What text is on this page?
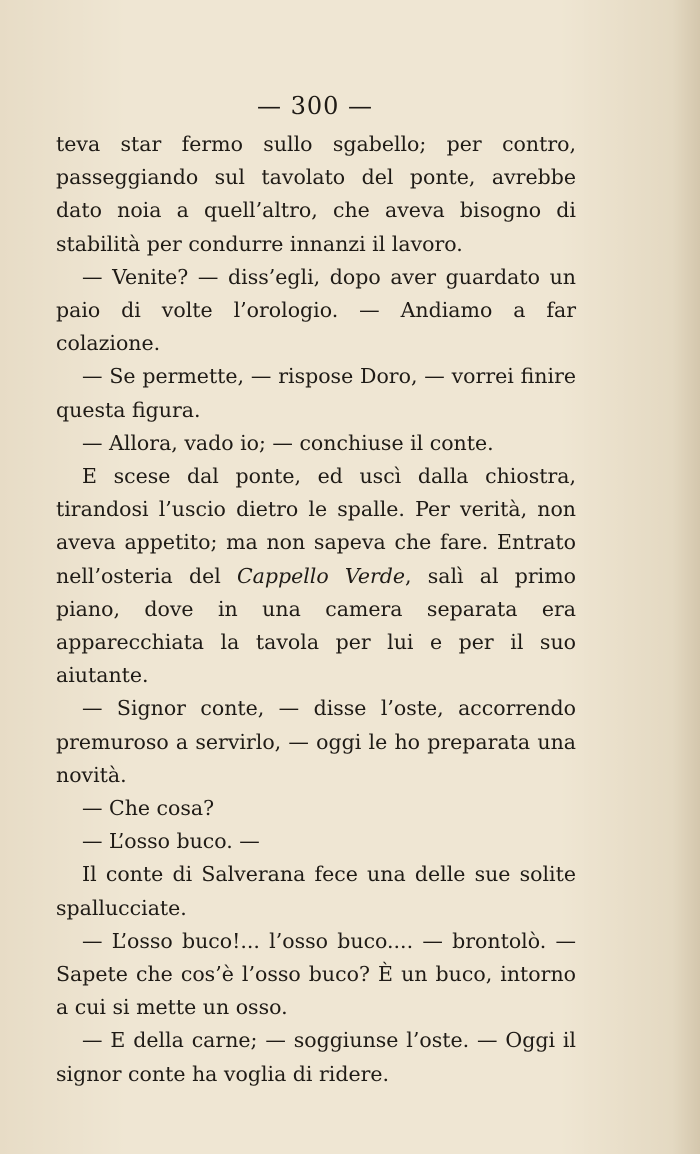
— 300 —

teva star fermo sullo sgabello; per contro, passeggiando sul tavolato del ponte, avrebbe dato noia a quell’altro, che aveva bisogno di stabilità per condurre innanzi il lavoro.

— Venite? — diss’egli, dopo aver guardato un paio di volte l’orologio. — Andiamo a far colazione.

— Se permette, — rispose Doro, — vorrei finire questa figura.

— Allora, vado io; — conchiuse il conte.

E scese dal ponte, ed uscì dalla chiostra, tirandosi l’uscio dietro le spalle. Per verità, non aveva appetito; ma non sapeva che fare. Entrato nell’osteria del Cappello Verde, salì al primo piano, dove in una camera separata era apparecchiata la tavola per lui e per il suo aiutante.

— Signor conte, — disse l’oste, accorrendo premuroso a servirlo, — oggi le ho preparata una novità.

— Che cosa?

— L’osso buco. —

Il conte di Salverana fece una delle sue solite spallucciate.

— L’osso buco!... l’osso buco.... — brontolò. — Sapete che cos’è l’osso buco? È un buco, intorno a cui si mette un osso.

— E della carne; — soggiunse l’oste. — Oggi il signor conte ha voglia di ridere.
